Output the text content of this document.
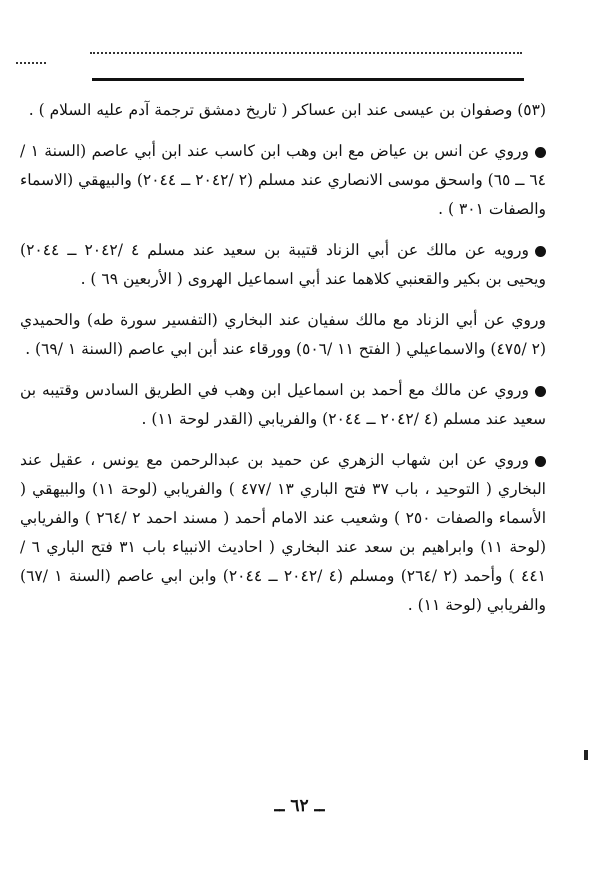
(٥٣) وصفوان بن عيسى عند ابن عساكر ( تاريخ دمشق ترجمة آدم عليه السلام ) .

وروي عن انس بن عياض مع ابن وهب ابن كاسب عند ابن أبي عاصم (السنة ١ /٦٤ ــ ٦٥) واسحق موسى الانصاري عند مسلم (٢ /٢٠٤٢ ــ ٢٠٤٤) والبيهقي (الاسماء والصفات ٣٠١ ) .

ورويه عن مالك عن أبي الزناد قتيبة بن سعيد عند مسلم ٤ /٢٠٤٢ ــ ٢٠٤٤) ويحيى بن بكير والقعنبي كلاهما عند أبي اسماعيل الهروى ( الأربعين ٦٩ ) .

وروي عن أبي الزناد مع مالك سفيان عند البخاري (التفسير سورة طه) والحميدي (٢ /٤٧٥) والاسماعيلي ( الفتح ١١ /٥٠٦) وورقاء عند أبن ابي عاصم (السنة ١ /٦٩) .

وروي عن مالك مع أحمد بن اسماعيل ابن وهب في الطريق السادس وقتيبه بن سعيد عند مسلم (٤ /٢٠٤٢ ــ ٢٠٤٤) والفريابي (القدر لوحة ١١) .

وروي عن ابن شهاب الزهري عن حميد بن عبدالرحمن مع يونس ، عقيل عند البخاري ( التوحيد ، باب ٣٧ فتح الباري ١٣ /٤٧٧ ) والفريابي (لوحة ١١) والبيهقي ( الأسماء والصفات ٢٥٠ ) وشعيب عند الامام أحمد ( مسند احمد ٢ /٢٦٤ ) والفريابي (لوحة ١١) وابراهيم بن سعد عند البخاري ( احاديث الانبياء باب ٣١ فتح الباري ٦ /٤٤١ ) وأحمد (٢ /٢٦٤) ومسلم (٤ /٢٠٤٢ ــ ٢٠٤٤) وابن ابي عاصم (السنة ١ /٦٧) والفريابي (لوحة ١١) .

ــ ٦٢ ــ
